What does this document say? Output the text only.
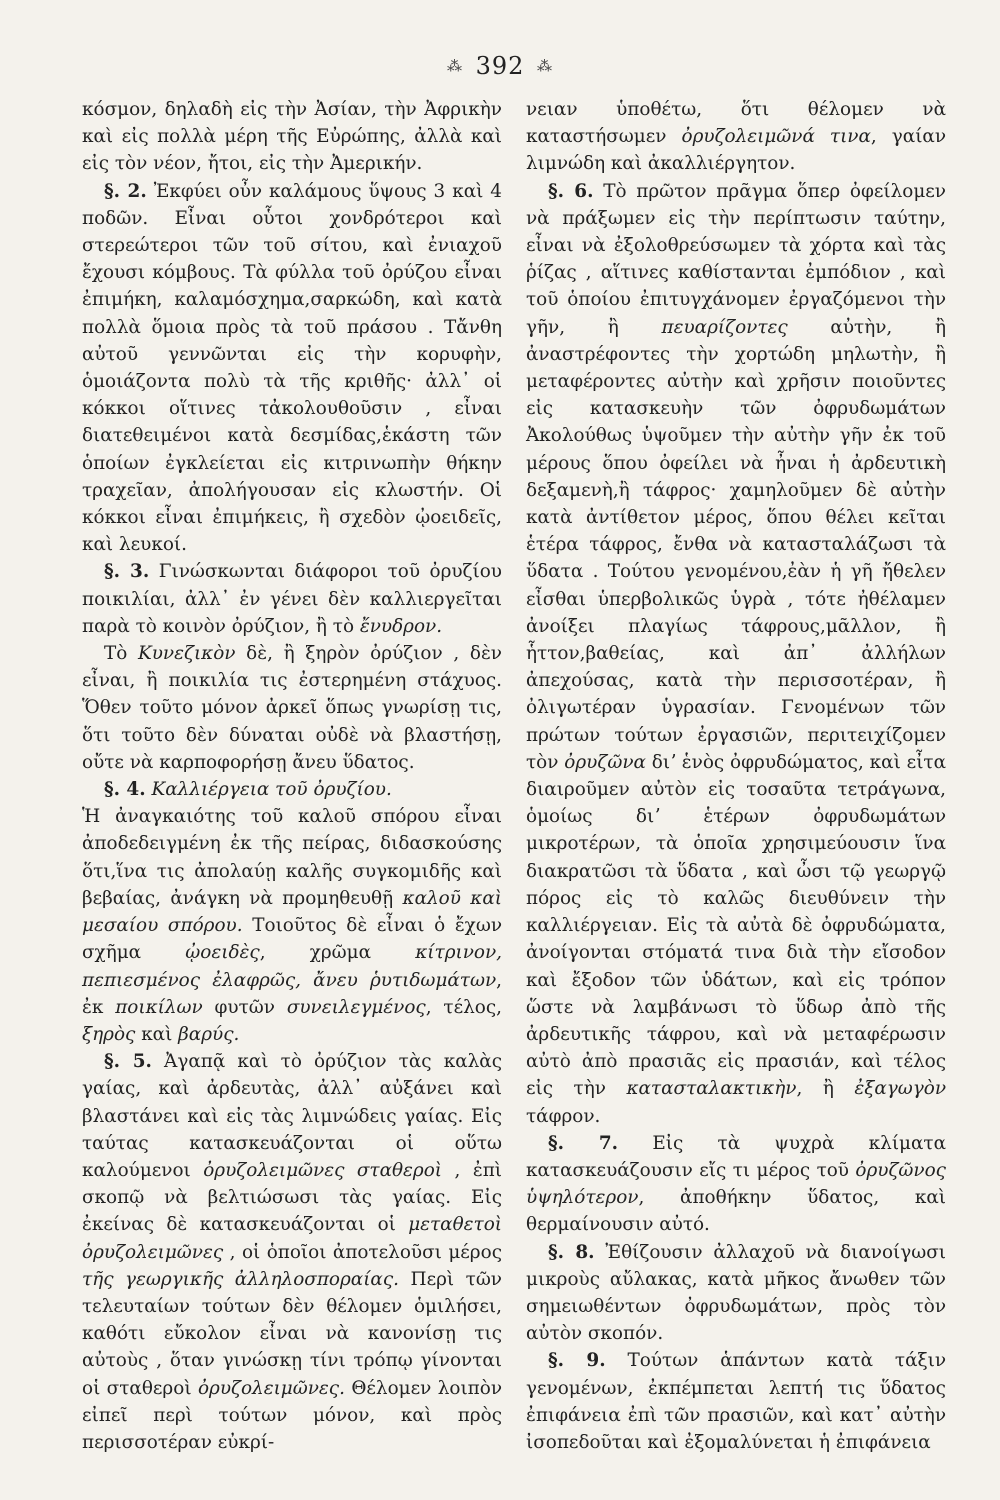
⁂ 392 ⁂

κόσμον, δηλαδὴ εἰς τὴν Ἀσίαν, τὴν Ἀφρικὴν καὶ εἰς πολλὰ μέρη τῆς Εὐρώπης, ἀλλὰ καὶ εἰς τὸν νέον, ἤτοι, εἰς τὴν Ἀμερικήν.

§. 2. Ἐκφύει οὖν καλάμους ὕψους 3 καὶ 4 ποδῶν. Εἶναι οὗτοι χονδρότεροι καὶ στερεώτεροι τῶν τοῦ σίτου, καὶ ἐνιαχοῦ ἔχουσι κόμβους. Τὰ φύλλα τοῦ ὀρύζου εἶναι ἐπιμήκη, καλαμόσχημα,σαρκώδη, καὶ κατὰ πολλὰ ὅμοια πρὸς τὰ τοῦ πράσου . Τἄνθη αὐτοῦ γεννῶνται εἰς τὴν κορυφὴν, ὁμοιάζοντα πολὺ τὰ τῆς κριθῆς· ἀλλ᾽ οἱ κόκκοι οἵτινες τἀκολουθοῦσιν , εἶναι διατεθειμένοι κατὰ δεσμίδας,ἑκάστη τῶν ὁποίων ἐγκλείεται εἰς κιτρινωπὴν θήκην τραχεῖαν, ἀπολήγουσαν εἰς κλωστήν. Οἱ κόκκοι εἶναι ἐπιμήκεις, ἢ σχεδὸν ᾠοειδεῖς, καὶ λευκοί.

§. 3. Γινώσκωνται διάφοροι τοῦ ὀρυζίου ποικιλίαι, ἀλλ᾽ ἐν γένει δὲν καλλιεργεῖται παρὰ τὸ κοινὸν ὀρύζιον, ἢ τὸ ἔνυδρον.

Τὸ Κυνεζικὸν δὲ, ἢ ξηρὸν ὀρύζιον , δὲν εἶναι, ἢ ποικιλία τις ἐστερημένη στάχυος. Ὅθεν τοῦτο μόνον ἀρκεῖ ὅπως γνωρίσῃ τις, ὅτι τοῦτο δὲν δύναται οὐδὲ νὰ βλαστήσῃ, οὔτε νὰ καρποφορήσῃ ἄνευ ὕδατος.

§. 4. Καλλιέργεια τοῦ ὀρυζίου.

Ἡ ἀναγκαιότης τοῦ καλοῦ σπόρου εἶναι ἀποδεδειγμένη ἐκ τῆς πείρας, διδασκούσης ὅτι,ἵνα τις ἀπολαύῃ καλῆς συγκομιδῆς καὶ βεβαίας, ἀνάγκη νὰ προμηθευθῇ καλοῦ καὶ μεσαίου σπόρου. Τοιοῦτος δὲ εἶναι ὁ ἔχων σχῆμα ᾠοειδὲς, χρῶμα κίτρινον, πεπιεσμένος ἐλαφρῶς, ἄνευ ῥυτιδωμάτων, ἐκ ποικίλων φυτῶν συνειλεγμένος, τέλος, ξηρὸς καὶ βαρύς.

§. 5. Ἀγαπᾷ καὶ τὸ ὀρύζιον τὰς καλὰς γαίας, καὶ ἀρδευτὰς, ἀλλ᾽ αὐξάνει καὶ βλαστάνει καὶ εἰς τὰς λιμνώδεις γαίας. Εἰς ταύτας κατασκευάζονται οἱ οὕτω καλούμενοι ὀρυζολειμῶνες σταθεροὶ , ἐπὶ σκοπῷ νὰ βελτιώσωσι τὰς γαίας. Εἰς ἐκείνας δὲ κατασκευάζονται οἱ μεταθετοὶ ὀρυζολειμῶνες , οἱ ὁποῖοι ἀποτελοῦσι μέρος τῆς γεωργικῆς ἀλληλοσποραίας. Περὶ τῶν τελευταίων τούτων δὲν θέλομεν ὁμιλήσει, καθότι εὔκολον εἶναι νὰ κανονίσῃ τις αὐτοὺς , ὅταν γινώσκῃ τίνι τρόπῳ γίνονται οἱ σταθεροὶ ὀρυζολειμῶνες. Θέλομεν λοιπὸν εἰπεῖ περὶ τούτων μόνον, καὶ πρὸς περισσοτέραν εὐκρί-

νειαν ὑποθέτω, ὅτι θέλομεν νὰ καταστήσωμεν ὀρυζολειμῶνά τινα, γαίαν λιμνώδη καὶ ἀκαλλιέργητον.

§. 6. Τὸ πρῶτον πρᾶγμα ὅπερ ὀφείλομεν νὰ πράξωμεν εἰς τὴν περίπτωσιν ταύτην, εἶναι νὰ ἐξολοθρεύσωμεν τὰ χόρτα καὶ τὰς ῥίζας , αἵτινες καθίστανται ἐμπόδιον , καὶ τοῦ ὁποίου ἐπιτυγχάνομεν ἐργαζόμενοι τὴν γῆν, ἢ πευαρίζοντες αὐτὴν, ἢ ἀναστρέφοντες τὴν χορτώδη μηλωτὴν, ἢ μεταφέροντες αὐτὴν καὶ χρῆσιν ποιοῦντες εἰς κατασκευὴν τῶν ὀφρυδωμάτων Ἀκολούθως ὑψοῦμεν τὴν αὐτὴν γῆν ἐκ τοῦ μέρους ὅπου ὀφείλει νὰ ἦναι ἡ ἀρδευτικὴ δεξαμενὴ,ἢ τάφρος· χαμηλοῦμεν δὲ αὐτὴν κατὰ ἀντίθετον μέρος, ὅπου θέλει κεῖται ἑτέρα τάφρος, ἔνθα νὰ κατασταλάζωσι τὰ ὕδατα . Τούτου γενομένου,ἐὰν ἡ γῆ ἤθελεν εἶσθαι ὑπερβολικῶς ὑγρὰ , τότε ἠθέλαμεν ἀνοίξει πλαγίως τάφρους,μᾶλλον, ἢ ἧττον,βαθείας, καὶ ἀπ᾽ ἀλλήλων ἀπεχούσας, κατὰ τὴν περισσοτέραν, ἢ ὀλιγωτέραν ὑγρασίαν. Γενομένων τῶν πρώτων τούτων ἐργασιῶν, περιτειχίζομεν τὸν ὀρυζῶνα διʼ ἑνὸς ὀφρυδώματος, καὶ εἶτα διαιροῦμεν αὐτὸν εἰς τοσαῦτα τετράγωνα, ὁμοίως διʼ ἑτέρων ὀφρυδωμάτων μικροτέρων, τὰ ὁποῖα χρησιμεύουσιν ἵνα διακρατῶσι τὰ ὕδατα , καὶ ὦσι τῷ γεωργῷ πόρος εἰς τὸ καλῶς διευθύνειν τὴν καλλιέργειαν. Εἰς τὰ αὐτὰ δὲ ὀφρυδώματα, ἀνοίγονται στόματά τινα διὰ τὴν εἴσοδον καὶ ἔξοδον τῶν ὑδάτων, καὶ εἰς τρόπον ὥστε νὰ λαμβάνωσι τὸ ὕδωρ ἀπὸ τῆς ἀρδευτικῆς τάφρου, καὶ νὰ μεταφέρωσιν αὐτὸ ἀπὸ πρασιᾶς εἰς πρασιάν, καὶ τέλος εἰς τὴν κατασταλακτικὴν, ἢ ἐξαγωγὸν τάφρον.

§. 7. Εἰς τὰ ψυχρὰ κλίματα κατασκευάζουσιν εἴς τι μέρος τοῦ ὀρυζῶνος ὑψηλότερον, ἀποθήκην ὕδατος, καὶ θερμαίνουσιν αὐτό.

§. 8. Ἐθίζουσιν ἀλλαχοῦ νὰ διανοίγωσι μικροὺς αὔλακας, κατὰ μῆκος ἄνωθεν τῶν σημειωθέντων ὀφρυδωμάτων, πρὸς τὸν αὐτὸν σκοπόν.

§. 9. Τούτων ἁπάντων κατὰ τάξιν γενομένων, ἐκπέμπεται λεπτή τις ὕδατος ἐπιφάνεια ἐπὶ τῶν πρασιῶν, καὶ κατ᾽ αὐτὴν ἰσοπεδοῦται καὶ ἐξομαλύνεται ἡ ἐπιφάνεια
